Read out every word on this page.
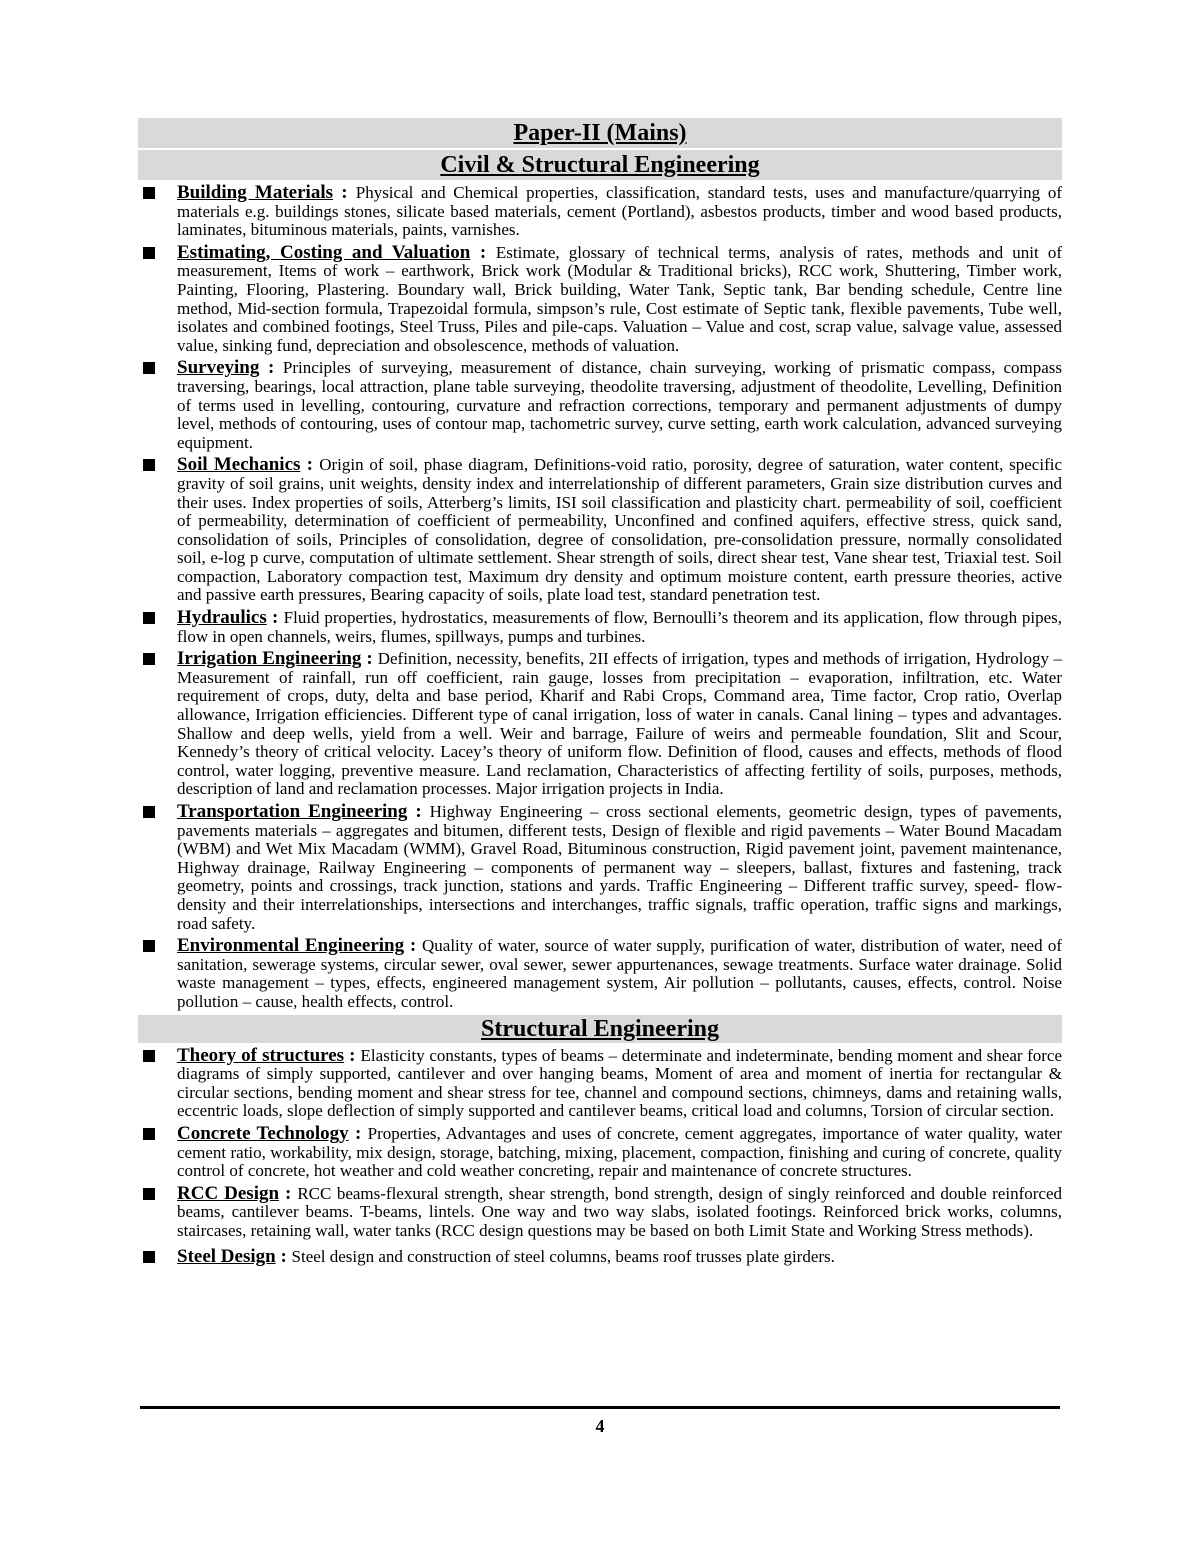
Paper-II (Mains)
Civil & Structural Engineering
Building Materials : Physical and Chemical properties, classification, standard tests, uses and manufacture/quarrying of materials e.g. buildings stones, silicate based materials, cement (Portland), asbestos products, timber and wood based products, laminates, bituminous materials, paints, varnishes.
Estimating, Costing and Valuation : Estimate, glossary of technical terms, analysis of rates, methods and unit of measurement, Items of work – earthwork, Brick work (Modular & Traditional bricks), RCC work, Shuttering, Timber work, Painting, Flooring, Plastering. Boundary wall, Brick building, Water Tank, Septic tank, Bar bending schedule, Centre line method, Mid-section formula, Trapezoidal formula, simpson’s rule, Cost estimate of Septic tank, flexible pavements, Tube well, isolates and combined footings, Steel Truss, Piles and pile-caps. Valuation – Value and cost, scrap value, salvage value, assessed value, sinking fund, depreciation and obsolescence, methods of valuation.
Surveying : Principles of surveying, measurement of distance, chain surveying, working of prismatic compass, compass traversing, bearings, local attraction, plane table surveying, theodolite traversing, adjustment of theodolite, Levelling, Definition of terms used in levelling, contouring, curvature and refraction corrections, temporary and permanent adjustments of dumpy level, methods of contouring, uses of contour map, tachometric survey, curve setting, earth work calculation, advanced surveying equipment.
Soil Mechanics : Origin of soil, phase diagram, Definitions-void ratio, porosity, degree of saturation, water content, specific gravity of soil grains, unit weights, density index and interrelationship of different parameters, Grain size distribution curves and their uses. Index properties of soils, Atterberg’s limits, ISI soil classification and plasticity chart. permeability of soil, coefficient of permeability, determination of coefficient of permeability, Unconfined and confined aquifers, effective stress, quick sand, consolidation of soils, Principles of consolidation, degree of consolidation, pre-consolidation pressure, normally consolidated soil, e-log p curve, computation of ultimate settlement. Shear strength of soils, direct shear test, Vane shear test, Triaxial test. Soil compaction, Laboratory compaction test, Maximum dry density and optimum moisture content, earth pressure theories, active and passive earth pressures, Bearing capacity of soils, plate load test, standard penetration test.
Hydraulics : Fluid properties, hydrostatics, measurements of flow, Bernoulli’s theorem and its application, flow through pipes, flow in open channels, weirs, flumes, spillways, pumps and turbines.
Irrigation Engineering : Definition, necessity, benefits, 2II effects of irrigation, types and methods of irrigation, Hydrology – Measurement of rainfall, run off coefficient, rain gauge, losses from precipitation – evaporation, infiltration, etc. Water requirement of crops, duty, delta and base period, Kharif and Rabi Crops, Command area, Time factor, Crop ratio, Overlap allowance, Irrigation efficiencies. Different type of canal irrigation, loss of water in canals. Canal lining – types and advantages. Shallow and deep wells, yield from a well. Weir and barrage, Failure of weirs and permeable foundation, Slit and Scour, Kennedy’s theory of critical velocity. Lacey’s theory of uniform flow. Definition of flood, causes and effects, methods of flood control, water logging, preventive measure. Land reclamation, Characteristics of affecting fertility of soils, purposes, methods, description of land and reclamation processes. Major irrigation projects in India.
Transportation Engineering : Highway Engineering – cross sectional elements, geometric design, types of pavements, pavements materials – aggregates and bitumen, different tests, Design of flexible and rigid pavements – Water Bound Macadam (WBM) and Wet Mix Macadam (WMM), Gravel Road, Bituminous construction, Rigid pavement joint, pavement maintenance, Highway drainage, Railway Engineering – components of permanent way – sleepers, ballast, fixtures and fastening, track geometry, points and crossings, track junction, stations and yards. Traffic Engineering – Different traffic survey, speed- flow-density and their interrelationships, intersections and interchanges, traffic signals, traffic operation, traffic signs and markings, road safety.
Environmental Engineering : Quality of water, source of water supply, purification of water, distribution of water, need of sanitation, sewerage systems, circular sewer, oval sewer, sewer appurtenances, sewage treatments. Surface water drainage. Solid waste management – types, effects, engineered management system, Air pollution – pollutants, causes, effects, control. Noise pollution – cause, health effects, control.
Structural Engineering
Theory of structures : Elasticity constants, types of beams – determinate and indeterminate, bending moment and shear force diagrams of simply supported, cantilever and over hanging beams, Moment of area and moment of inertia for rectangular & circular sections, bending moment and shear stress for tee, channel and compound sections, chimneys, dams and retaining walls, eccentric loads, slope deflection of simply supported and cantilever beams, critical load and columns, Torsion of circular section.
Concrete Technology : Properties, Advantages and uses of concrete, cement aggregates, importance of water quality, water cement ratio, workability, mix design, storage, batching, mixing, placement, compaction, finishing and curing of concrete, quality control of concrete, hot weather and cold weather concreting, repair and maintenance of concrete structures.
RCC Design : RCC beams-flexural strength, shear strength, bond strength, design of singly reinforced and double reinforced beams, cantilever beams. T-beams, lintels. One way and two way slabs, isolated footings. Reinforced brick works, columns, staircases, retaining wall, water tanks (RCC design questions may be based on both Limit State and Working Stress methods).
Steel Design : Steel design and construction of steel columns, beams roof trusses plate girders.
4
